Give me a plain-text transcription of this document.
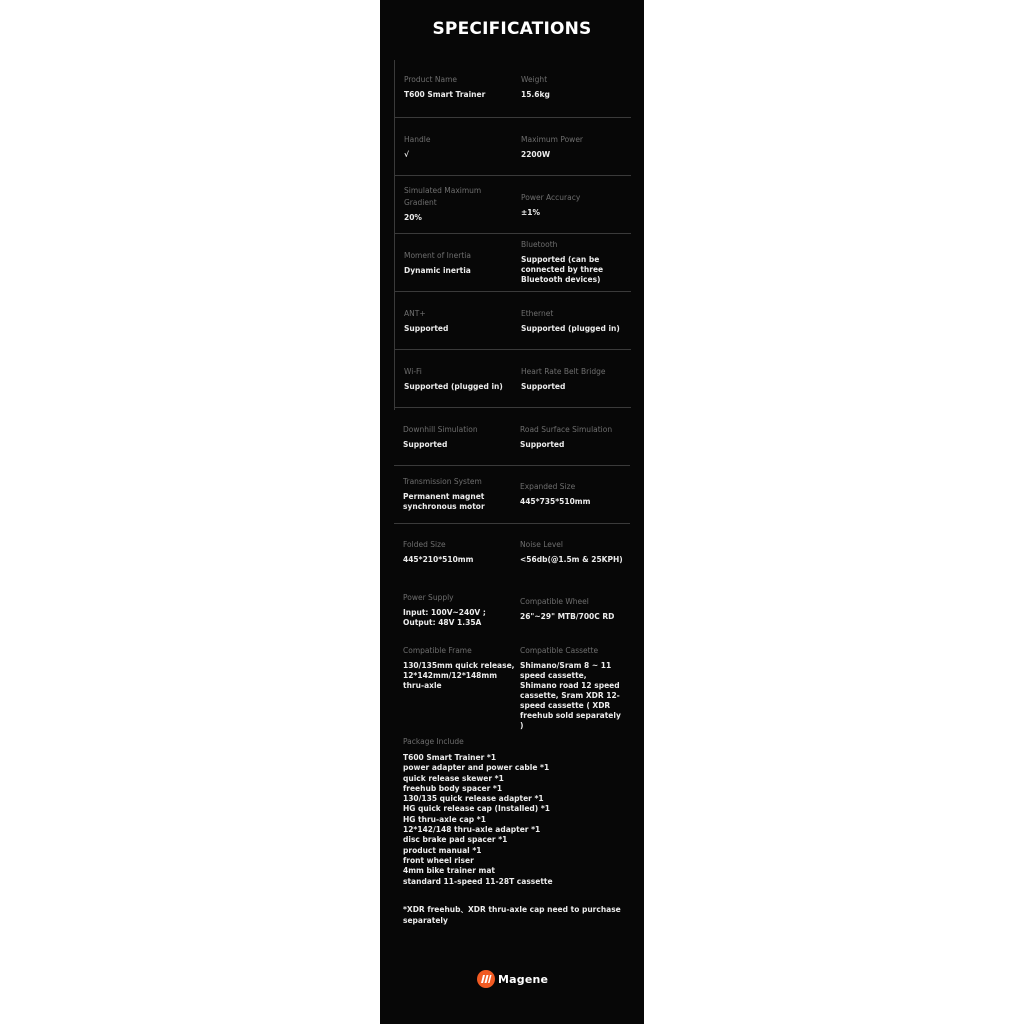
SPECIFICATIONS
Product Name
T600 Smart Trainer
Weight
15.6kg
Handle
√
Maximum Power
2200W
Simulated Maximum Gradient
20%
Power Accuracy
±1%
Moment of Inertia
Dynamic inertia
Bluetooth
Supported (can be connected by three Bluetooth devices)
ANT+
Supported
Ethernet
Supported (plugged in)
Wi-Fi
Supported (plugged in)
Heart Rate Belt Bridge
Supported
Downhill Simulation
Supported
Road Surface Simulation
Supported
Transmission System
Permanent magnet synchronous motor
Expanded Size
445*735*510mm
Folded Size
445*210*510mm
Noise Level
<56db(@1.5m & 25KPH)
Power Supply
Input: 100V~240V ; Output: 48V 1.35A
Compatible Wheel
26"~29" MTB/700C RD
Compatible Frame
130/135mm quick release, 12*142mm/12*148mm thru-axle
Compatible Cassette
Shimano/Sram 8 ~ 11 speed cassette, Shimano road 12 speed cassette, Sram XDR 12-speed cassette ( XDR freehub sold separately )
Package Include
T600 Smart Trainer *1
power adapter and power cable *1
quick release skewer *1
freehub body spacer *1
130/135 quick release adapter *1
HG quick release cap (Installed) *1
HG thru-axle cap *1
12*142/148 thru-axle adapter *1
disc brake pad spacer *1
product manual *1
front wheel riser
4mm bike trainer mat
standard 11-speed 11-28T cassette
*XDR freehub、XDR thru-axle cap need to purchase separately
Magene
